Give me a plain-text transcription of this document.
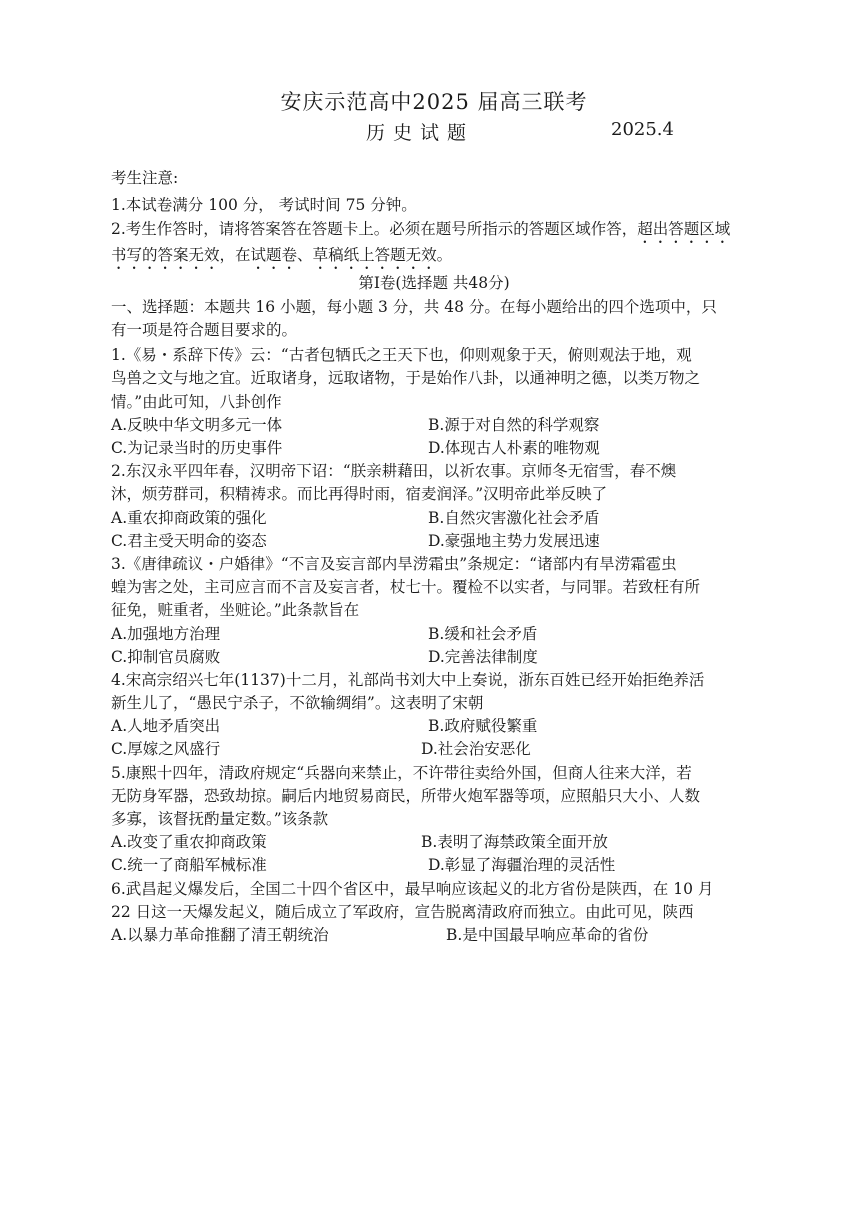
安庆示范高中2025 届高三联考
历史试题	2025.4
考生注意:
1.本试卷满分 100 分， 考试时间 75 分钟。
2.考生作答时，请将答案答在答题卡上。必须在题号所指示的答题区域作答，超出答题区域
书写的答案无效，在试题卷、草稿纸上答题无效。
第Ⅰ卷(选择题 共48分)
一、选择题：本题共 16 小题，每小题 3 分，共 48 分。在每小题给出的四个选项中，只
有一项是符合题目要求的。
1.《易・系辞下传》云：“古者包牺氏之王天下也，仰则观象于天，俯则观法于地，观
鸟兽之文与地之宜。近取诸身，远取诸物，于是始作八卦，以通神明之德，以类万物之
情。”由此可知，八卦创作
A.反映中华文明多元一体	B.源于对自然的科学观察
C.为记录当时的历史事件	D.体现古人朴素的唯物观
2.东汉永平四年春，汉明帝下诏：“朕亲耕藉田，以祈农事。京师冬无宿雪，春不燠
沐，烦劳群司，积精祷求。而比再得时雨，宿麦润泽。”汉明帝此举反映了
A.重农抑商政策的强化	B.自然灾害激化社会矛盾
C.君主受天明命的姿态	D.豪强地主势力发展迅速
3.《唐律疏议・户婚律》“不言及妄言部内旱涝霜虫”条规定：“诸部内有旱涝霜雹虫
蝗为害之处，主司应言而不言及妄言者，杖七十。覆检不以实者，与同罪。若致枉有所
征免，赃重者，坐赃论。”此条款旨在
A.加强地方治理	B.缓和社会矛盾
C.抑制官员腐败	D.完善法律制度
4.宋高宗绍兴七年(1137)十二月，礼部尚书刘大中上奏说，浙东百姓已经开始拒绝养活
新生儿了，“愚民宁杀子，不欲输绸绢”。这表明了宋朝
A.人地矛盾突出	B.政府赋役繁重
C.厚嫁之风盛行	D.社会治安恶化
5.康熙十四年，清政府规定“兵器向来禁止，不许带往卖给外国，但商人往来大洋，若
无防身军器，恐致劫掠。嗣后内地贸易商民，所带火炮军器等项，应照船只大小、人数
多寡，该督抚酌量定数。”该条款
A.改变了重农抑商政策	B.表明了海禁政策全面开放
C.统一了商船军械标准	D.彰显了海疆治理的灵活性
6.武昌起义爆发后，全国二十四个省区中，最早响应该起义的北方省份是陕西，在 10 月
22 日这一天爆发起义，随后成立了军政府，宣告脱离清政府而独立。由此可见，陕西
A.以暴力革命推翻了清王朝统治	B.是中国最早响应革命的省份
